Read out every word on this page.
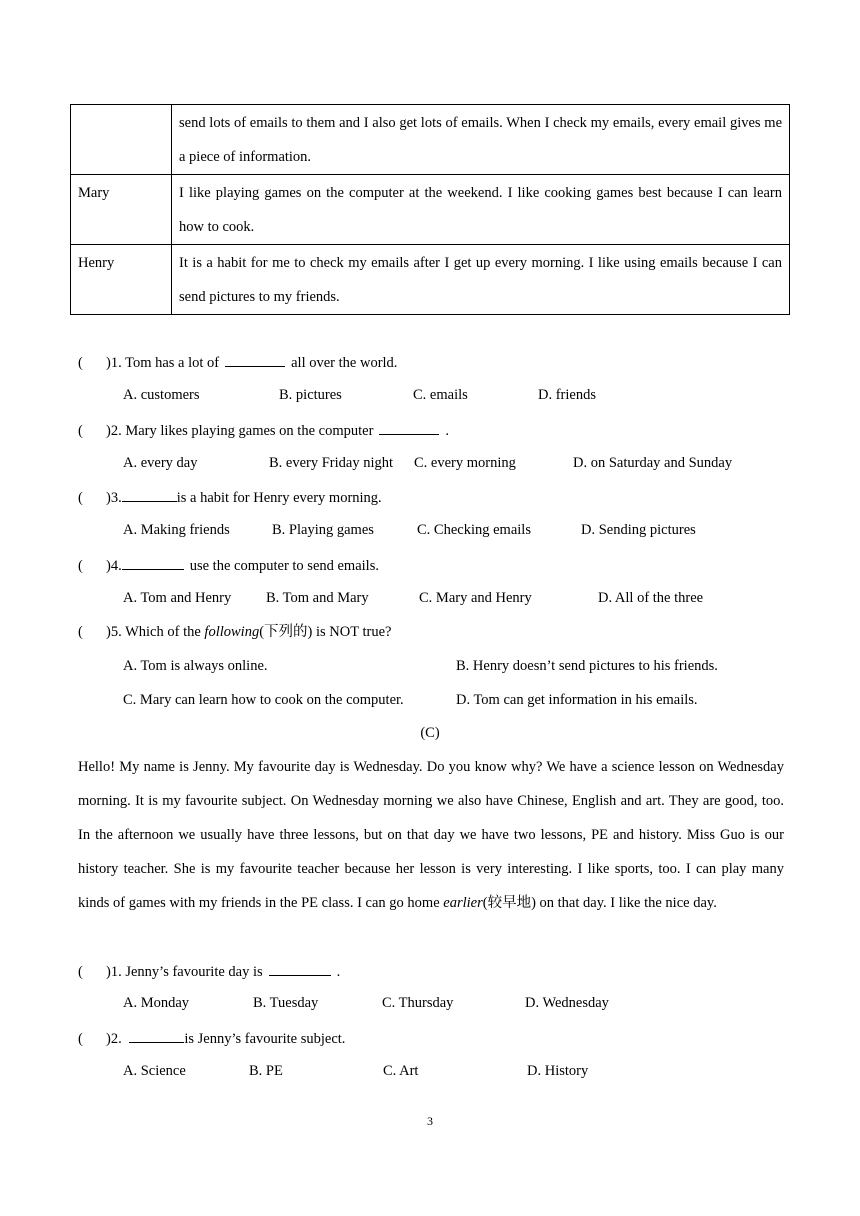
	send lots of emails to them and I also get lots of emails. When I check my emails, every email gives me a piece of information.
Mary	I like playing games on the computer at the weekend. I like cooking games best because I can learn how to cook.
Henry	It is a habit for me to check my emails after I get up every morning. I like using emails because I can send pictures to my friends.
( )1. Tom has a lot of	all over the world.
A. customers	B. pictures	C. emails	D. friends
( )2. Mary likes playing games on the computer	.
A. every day	B. every Friday night C. every morning	D. on Saturday and Sunday
( )3.	is a habit for Henry every morning.
A. Making friends	B. Playing games	C. Checking emails	D. Sending pictures
( )4.	use the computer to send emails.
A. Tom and Henry B. Tom and Mary	C. Mary and Henry	D. All of the three
( )5. Which of the following(下列的) is NOT true?
A. Tom is always online.	B. Henry doesn’t send pictures to his friends.
C. Mary can learn how to cook on the computer.	D. Tom can get information in his emails.
(C)
Hello! My name is Jenny. My favourite day is Wednesday. Do you know why? We have a science lesson on Wednesday morning. It is my favourite subject. On Wednesday morning we also have Chinese, English and art. They are good, too. In the afternoon we usually have three lessons, but on that day we have two lessons, PE and history. Miss Guo is our history teacher. She is my favourite teacher because her lesson is very interesting. I like sports, too. I can play many kinds of games with my friends in the PE class. I can go home earlier(较早地) on that day. I like the nice day.
( )1. Jenny’s favourite day is	.
A. Monday	B. Tuesday	C. Thursday	D. Wednesday
( )2.	is Jenny’s favourite subject.
A. Science	B. PE	C. Art	D. History
3
